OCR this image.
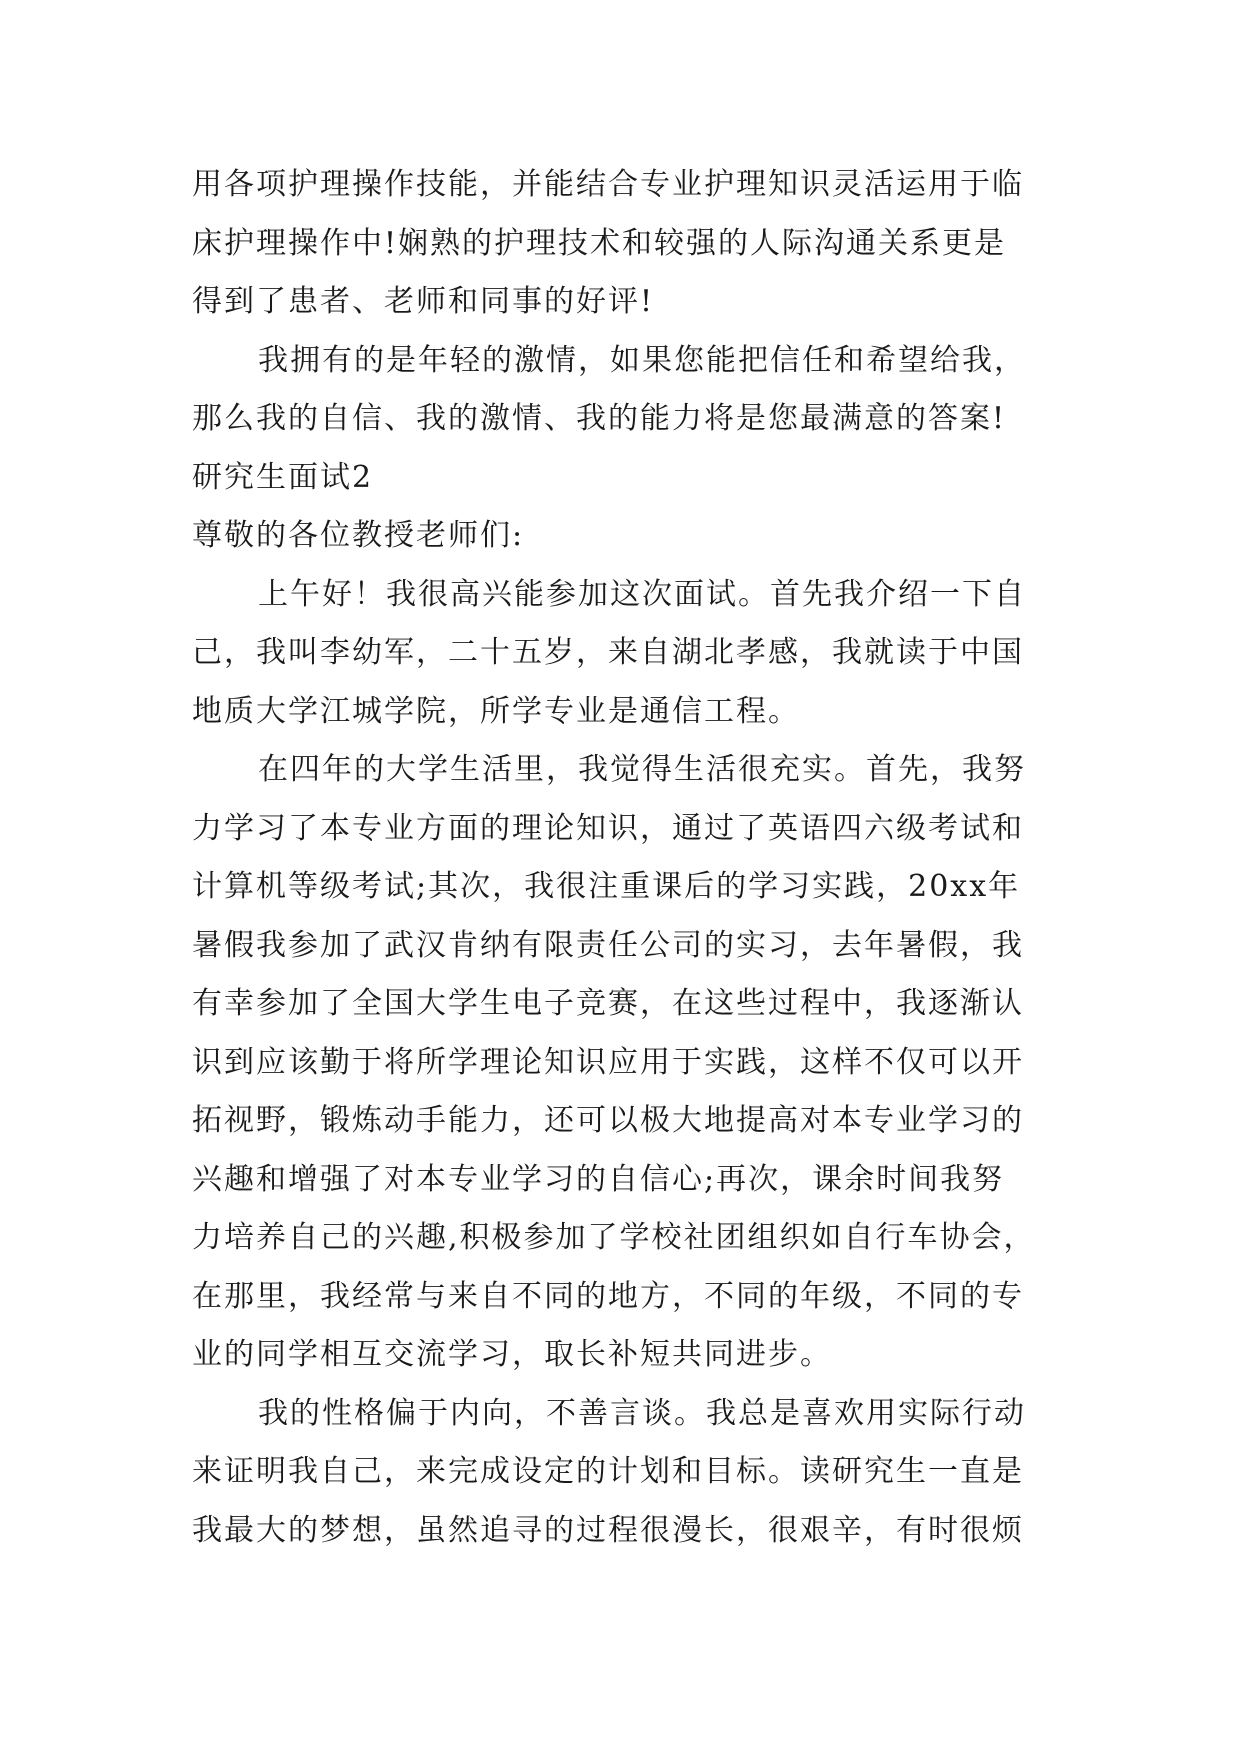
用各项护理操作技能，并能结合专业护理知识灵活运用于临
床护理操作中!娴熟的护理技术和较强的人际沟通关系更是
得到了患者、老师和同事的好评!
我拥有的是年轻的激情，如果您能把信任和希望给我，
那么我的自信、我的激情、我的能力将是您最满意的答案!
研究生面试2
尊敬的各位教授老师们:
上午好！我很高兴能参加这次面试。首先我介绍一下自
己，我叫李幼军，二十五岁，来自湖北孝感，我就读于中国
地质大学江城学院，所学专业是通信工程。
在四年的大学生活里，我觉得生活很充实。首先，我努
力学习了本专业方面的理论知识，通过了英语四六级考试和
计算机等级考试;其次，我很注重课后的学习实践，20xx年
暑假我参加了武汉肯纳有限责任公司的实习，去年暑假，我
有幸参加了全国大学生电子竞赛，在这些过程中，我逐渐认
识到应该勤于将所学理论知识应用于实践，这样不仅可以开
拓视野，锻炼动手能力，还可以极大地提高对本专业学习的
兴趣和增强了对本专业学习的自信心;再次，课余时间我努
力培养自己的兴趣,积极参加了学校社团组织如自行车协会，
在那里，我经常与来自不同的地方，不同的年级，不同的专
业的同学相互交流学习，取长补短共同进步。
我的性格偏于内向，不善言谈。我总是喜欢用实际行动
来证明我自己，来完成设定的计划和目标。读研究生一直是
我最大的梦想，虽然追寻的过程很漫长，很艰辛，有时很烦
